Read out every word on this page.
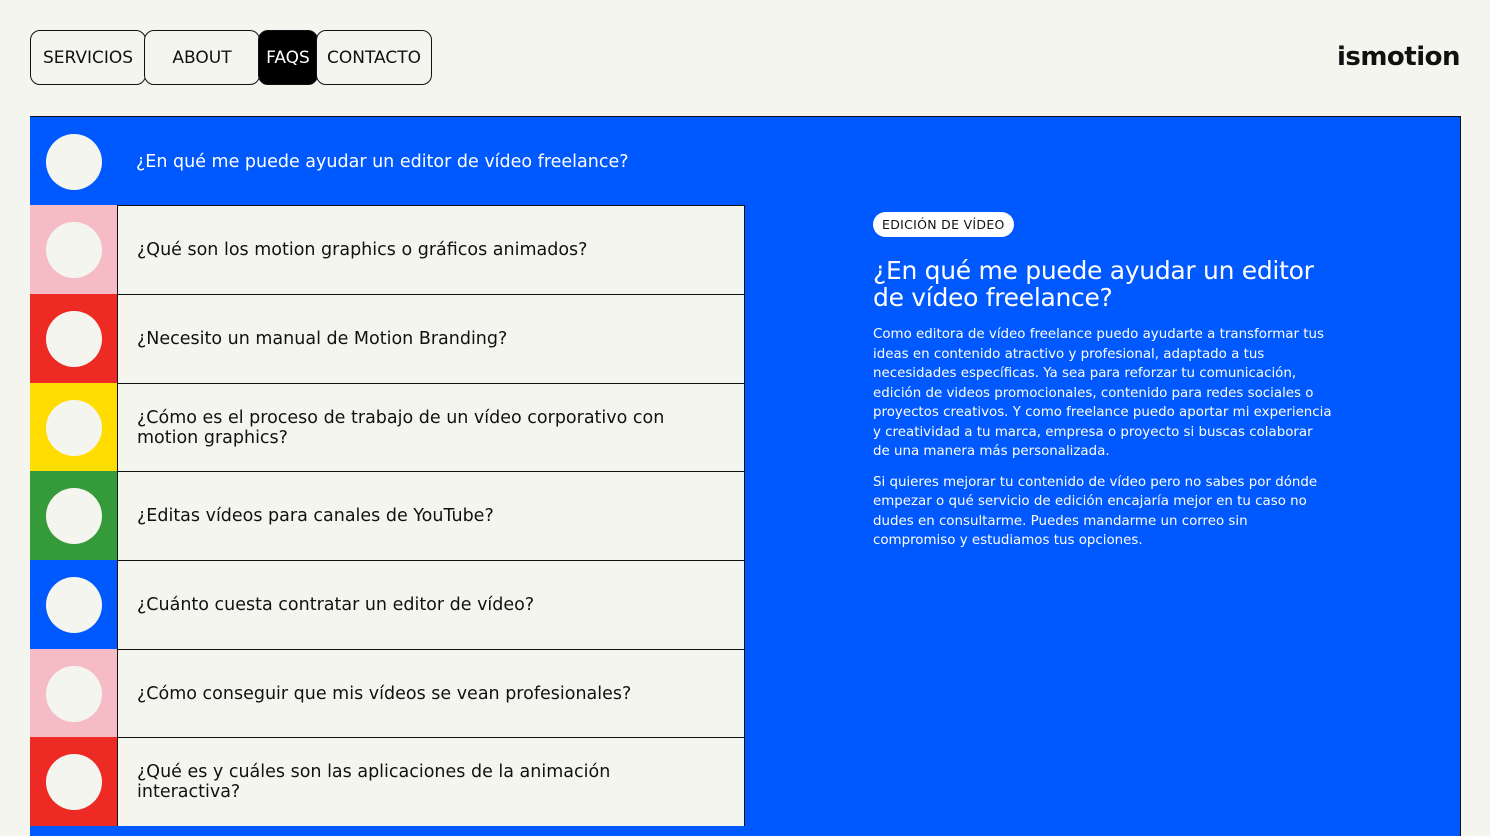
SERVICIOS	ABOUT	FAQS	CONTACTO	ismotion
¿En qué me puede ayudar un editor de vídeo freelance?
¿Qué son los motion graphics o gráficos animados?
¿Necesito un manual de Motion Branding?
¿Cómo es el proceso de trabajo de un vídeo corporativo con motion graphics?
¿Editas vídeos para canales de YouTube?
¿Cuánto cuesta contratar un editor de vídeo?
¿Cómo conseguir que mis vídeos se vean profesionales?
¿Qué es y cuáles son las aplicaciones de la animación interactiva?
EDICIÓN DE VÍDEO
¿En qué me puede ayudar un editor de vídeo freelance?

Como editora de vídeo freelance puedo ayudarte a transformar tus ideas en contenido atractivo y profesional, adaptado a tus necesidades específicas. Ya sea para reforzar tu comunicación, edición de videos promocionales, contenido para redes sociales o proyectos creativos. Y como freelance puedo aportar mi experiencia y creatividad a tu marca, empresa o proyecto si buscas colaborar de una manera más personalizada.

Si quieres mejorar tu contenido de vídeo pero no sabes por dónde empezar o qué servicio de edición encajaría mejor en tu caso no dudes en consultarme. Puedes mandarme un correo sin compromiso y estudiamos tus opciones.
